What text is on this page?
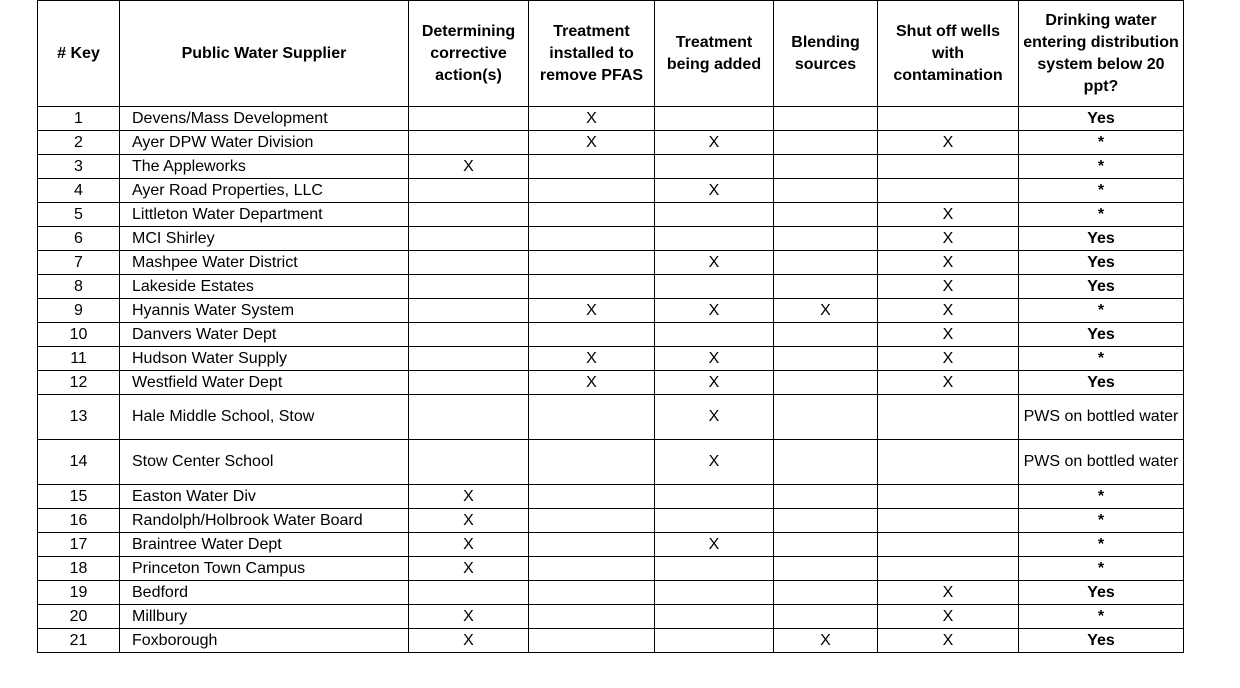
# Key	Public Water Supplier	Determining corrective action(s)	Treatment installed to remove PFAS	Treatment being added	Blending sources	Shut off wells with contamination	Drinking water entering distribution system below 20 ppt?
1	Devens/Mass Development		X				Yes
2	Ayer DPW Water Division		X	X		X	*
3	The Appleworks	X					*
4	Ayer Road Properties, LLC			X			*
5	Littleton Water Department					X	*
6	MCI Shirley					X	Yes
7	Mashpee Water District			X		X	Yes
8	Lakeside Estates					X	Yes
9	Hyannis Water System		X	X	X	X	*
10	Danvers Water Dept					X	Yes
11	Hudson Water Supply		X	X		X	*
12	Westfield Water Dept		X	X		X	Yes
13	Hale Middle School, Stow			X			PWS on bottled water
14	Stow Center School			X			PWS on bottled water
15	Easton Water Div	X					*
16	Randolph/Holbrook Water Board	X					*
17	Braintree Water Dept	X		X			*
18	Princeton Town Campus	X					*
19	Bedford					X	Yes
20	Millbury	X				X	*
21	Foxborough	X			X	X	Yes
